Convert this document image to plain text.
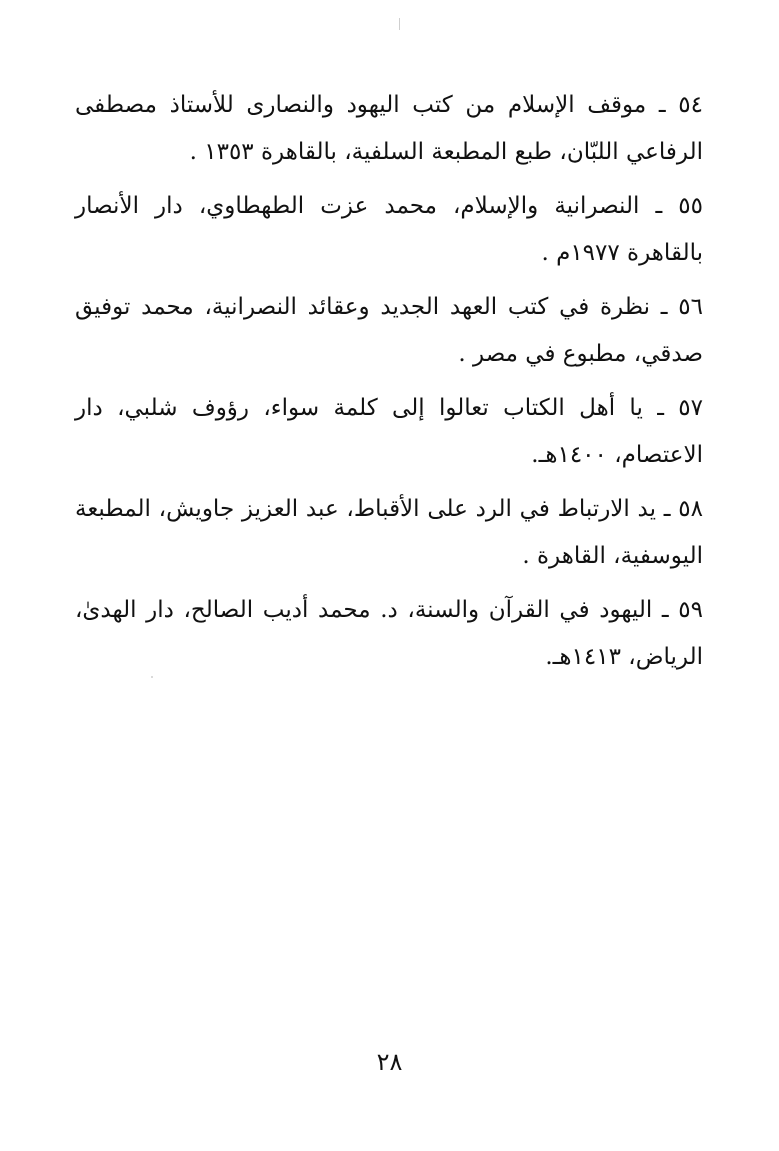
٥٤ ـ موقف الإسلام من كتب اليهود والنصارى للأستاذ مصطفى الرفاعي اللبّان، طبع المطبعة السلفية، بالقاهرة ١٣٥٣ .

٥٥ ـ النصرانية والإسلام، محمد عزت الطهطاوي، دار الأنصار بالقاهرة ١٩٧٧م .

٥٦ ـ نظرة في كتب العهد الجديد وعقائد النصرانية، محمد توفيق صدقي، مطبوع في مصر .

٥٧ ـ يا أهل الكتاب تعالوا إلى كلمة سواء، رؤوف شلبي، دار الاعتصام، ١٤٠٠هـ.

٥٨ ـ يد الارتباط في الرد على الأقباط، عبد العزيز جاويش، المطبعة اليوسفية، القاهرة .

٥٩ ـ اليهود في القرآن والسنة، د. محمد أديب الصالح، دار الهدىٰ، الرياض، ١٤١٣هـ.

٢٨
